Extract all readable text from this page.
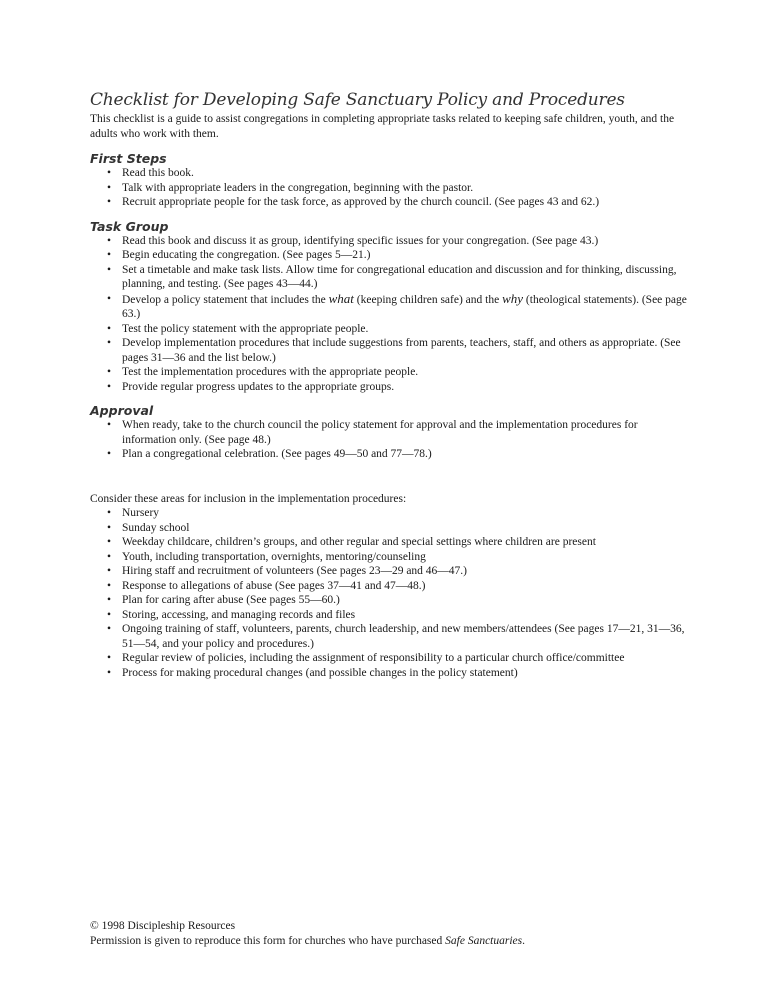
Checklist for Developing Safe Sanctuary Policy and Procedures

This checklist is a guide to assist congregations in completing appropriate tasks related to keeping safe children, youth, and the adults who work with them.

First Steps
• Read this book.
• Talk with appropriate leaders in the congregation, beginning with the pastor.
• Recruit appropriate people for the task force, as approved by the church council. (See pages 43 and 62.)
Task Group
• Read this book and discuss it as group, identifying specific issues for your congregation. (See page 43.)
• Begin educating the congregation. (See pages 5—21.)
• Set a timetable and make task lists. Allow time for congregational education and discussion and for thinking, discussing, planning, and testing. (See pages 43—44.)
• Develop a policy statement that includes the what (keeping children safe) and the why (theological statements). (See page 63.)
• Test the policy statement with the appropriate people.
• Develop implementation procedures that include suggestions from parents, teachers, staff, and others as appropriate. (See pages 31—36 and the list below.)
• Test the implementation procedures with the appropriate people.
• Provide regular progress updates to the appropriate groups.
Approval
• When ready, take to the church council the policy statement for approval and the implementation procedures for information only. (See page 48.)
• Plan a congregational celebration. (See pages 49—50 and 77—78.)

Consider these areas for inclusion in the implementation procedures:

• Nursery
• Sunday school
• Weekday childcare, children’s groups, and other regular and special settings where children are present
• Youth, including transportation, overnights, mentoring/counseling
• Hiring staff and recruitment of volunteers (See pages 23—29 and 46—47.)
• Response to allegations of abuse (See pages 37—41 and 47—48.)
• Plan for caring after abuse (See pages 55—60.)
• Storing, accessing, and managing records and files
• Ongoing training of staff, volunteers, parents, church leadership, and new members/attendees (See pages 17—21, 31—36, 51—54, and your policy and procedures.)
• Regular review of policies, including the assignment of responsibility to a particular church office/committee
• Process for making procedural changes (and possible changes in the policy statement)
© 1998 Discipleship Resources
Permission is given to reproduce this form for churches who have purchased Safe Sanctuaries.
